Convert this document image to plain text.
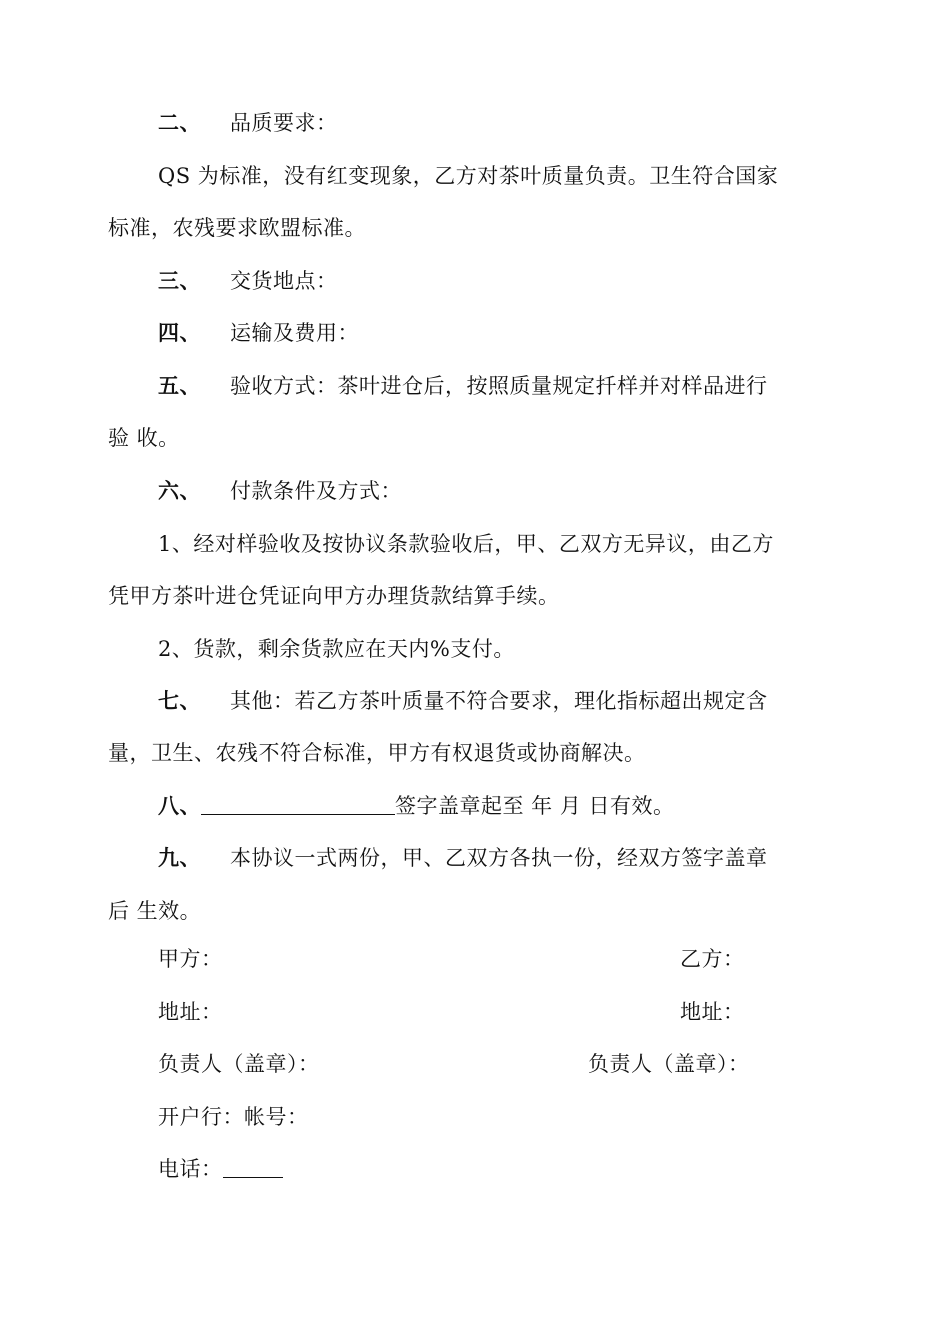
二、 品质要求：
QS 为标准，没有红变现象，乙方对茶叶质量负责。卫生符合国家
标准，农残要求欧盟标准。
三、 交货地点：
四、 运输及费用：
五、 验收方式：茶叶进仓后，按照质量规定扦样并对样品进行
验 收。
六、 付款条件及方式：
1、经对样验收及按协议条款验收后，甲、乙双方无异议，由乙方
凭甲方茶叶进仓凭证向甲方办理货款结算手续。
2、货款，剩余货款应在天内%支付。
七、 其他：若乙方茶叶质量不符合要求，理化指标超出规定含
量，卫生、农残不符合标准，甲方有权退货或协商解决。
八、	签字盖章起至 年 月 日有效。
九、 本协议一式两份，甲、乙双方各执一份，经双方签字盖章
后 生效。
甲方：	乙方：
地址：	地址：
负责人（盖章）：	负责人（盖章）：
开户行：帐号：
电话：
